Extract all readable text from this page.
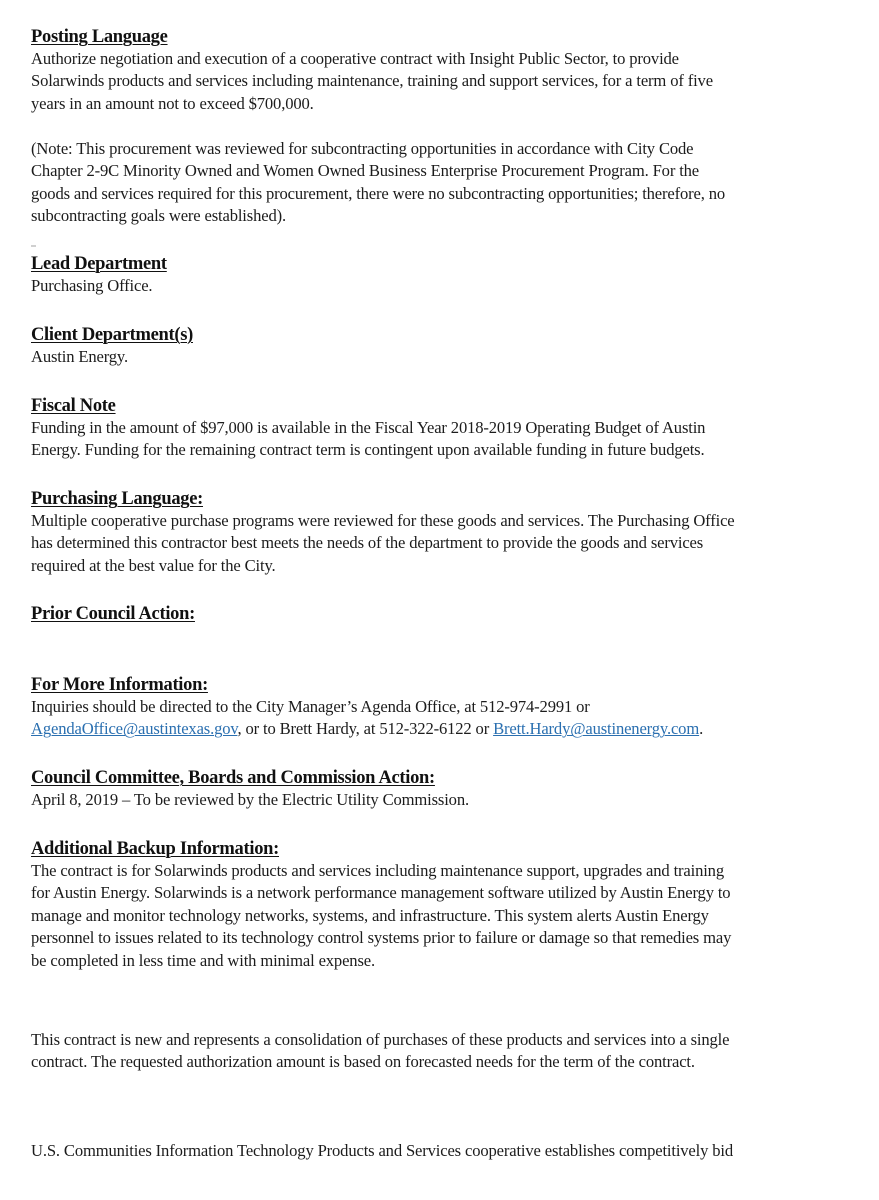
Posting Language
Authorize negotiation and execution of a cooperative contract with Insight Public Sector, to provide
Solarwinds products and services including maintenance, training and support services, for a term of five
years in an amount not to exceed $700,000.
(Note: This procurement was reviewed for subcontracting opportunities in accordance with City Code
Chapter 2-9C Minority Owned and Women Owned Business Enterprise Procurement Program. For the
goods and services required for this procurement, there were no subcontracting opportunities; therefore, no
subcontracting goals were established).
Lead Department
Purchasing Office.
Client Department(s)
Austin Energy.
Fiscal Note
Funding in the amount of $97,000 is available in the Fiscal Year 2018-2019 Operating Budget of Austin
Energy. Funding for the remaining contract term is contingent upon available funding in future budgets.
Purchasing Language:
Multiple cooperative purchase programs were reviewed for these goods and services. The Purchasing Office
has determined this contractor best meets the needs of the department to provide the goods and services
required at the best value for the City.
Prior Council Action:
For More Information:
Inquiries should be directed to the City Manager’s Agenda Office, at 512-974-2991 or
AgendaOffice@austintexas.gov, or to Brett Hardy, at 512-322-6122 or Brett.Hardy@austinenergy.com.
Council Committee, Boards and Commission Action:
April 8, 2019 – To be reviewed by the Electric Utility Commission.
Additional Backup Information:
The contract is for Solarwinds products and services including maintenance support, upgrades and training
for Austin Energy. Solarwinds is a network performance management software utilized by Austin Energy to
manage and monitor technology networks, systems, and infrastructure. This system alerts Austin Energy
personnel to issues related to its technology control systems prior to failure or damage so that remedies may
be completed in less time and with minimal expense.
This contract is new and represents a consolidation of purchases of these products and services into a single
contract. The requested authorization amount is based on forecasted needs for the term of the contract.
U.S. Communities Information Technology Products and Services cooperative establishes competitively bid
